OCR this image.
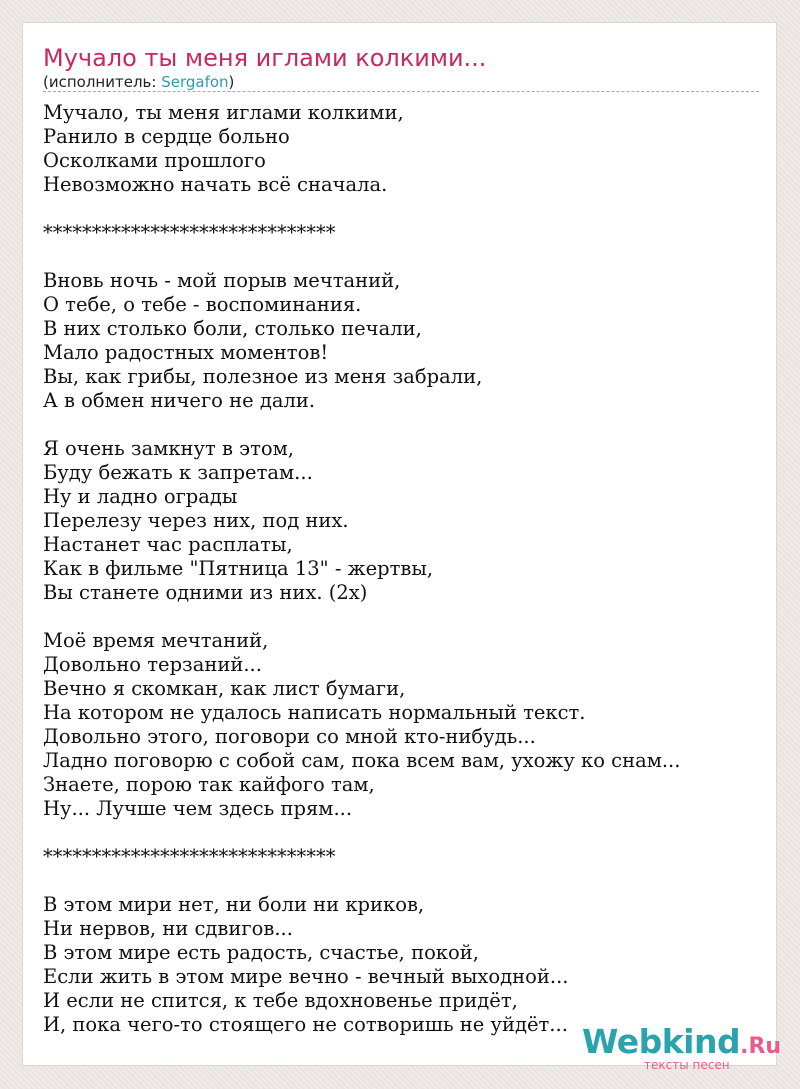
Мучало ты меня иглами колкими...
(исполнитель: Sergafon)
Мучало, ты меня иглами колкими,
Ранило в сердце больно
Осколками прошлого
Невозможно начать всё сначала.
******************************
Вновь ночь - мой порыв мечтаний,
О тебе, о тебе - воспоминания.
В них столько боли, столько печали,
Мало радостных моментов!
Вы, как грибы, полезное из меня забрали,
А в обмен ничего не дали.
Я очень замкнут в этом,
Буду бежать к запретам...
Ну и ладно ограды
Перелезу через них, под них.
Настанет час расплаты,
Как в фильме "Пятница 13" - жертвы,
Вы станете одними из них. (2х)
Моё время мечтаний,
Довольно терзаний...
Вечно я скомкан, как лист бумаги,
На котором не удалось написать нормальный текст.
Довольно этого, поговори со мной кто-нибудь...
Ладно поговорю с собой сам, пока всем вам, ухожу ко снам...
Знаете, порою так кайфого там,
Ну... Лучше чем здесь прям...
******************************
В этом мири нет, ни боли ни криков,
Ни нервов, ни сдвигов...
В этом мире есть радость, счастье, покой,
Если жить в этом мире вечно - вечный выходной...
И если не спится, к тебе вдохновенье придёт,
И, пока чего-то стоящего не сотворишь не уйдёт... Webkind.Ru
тексты песен
